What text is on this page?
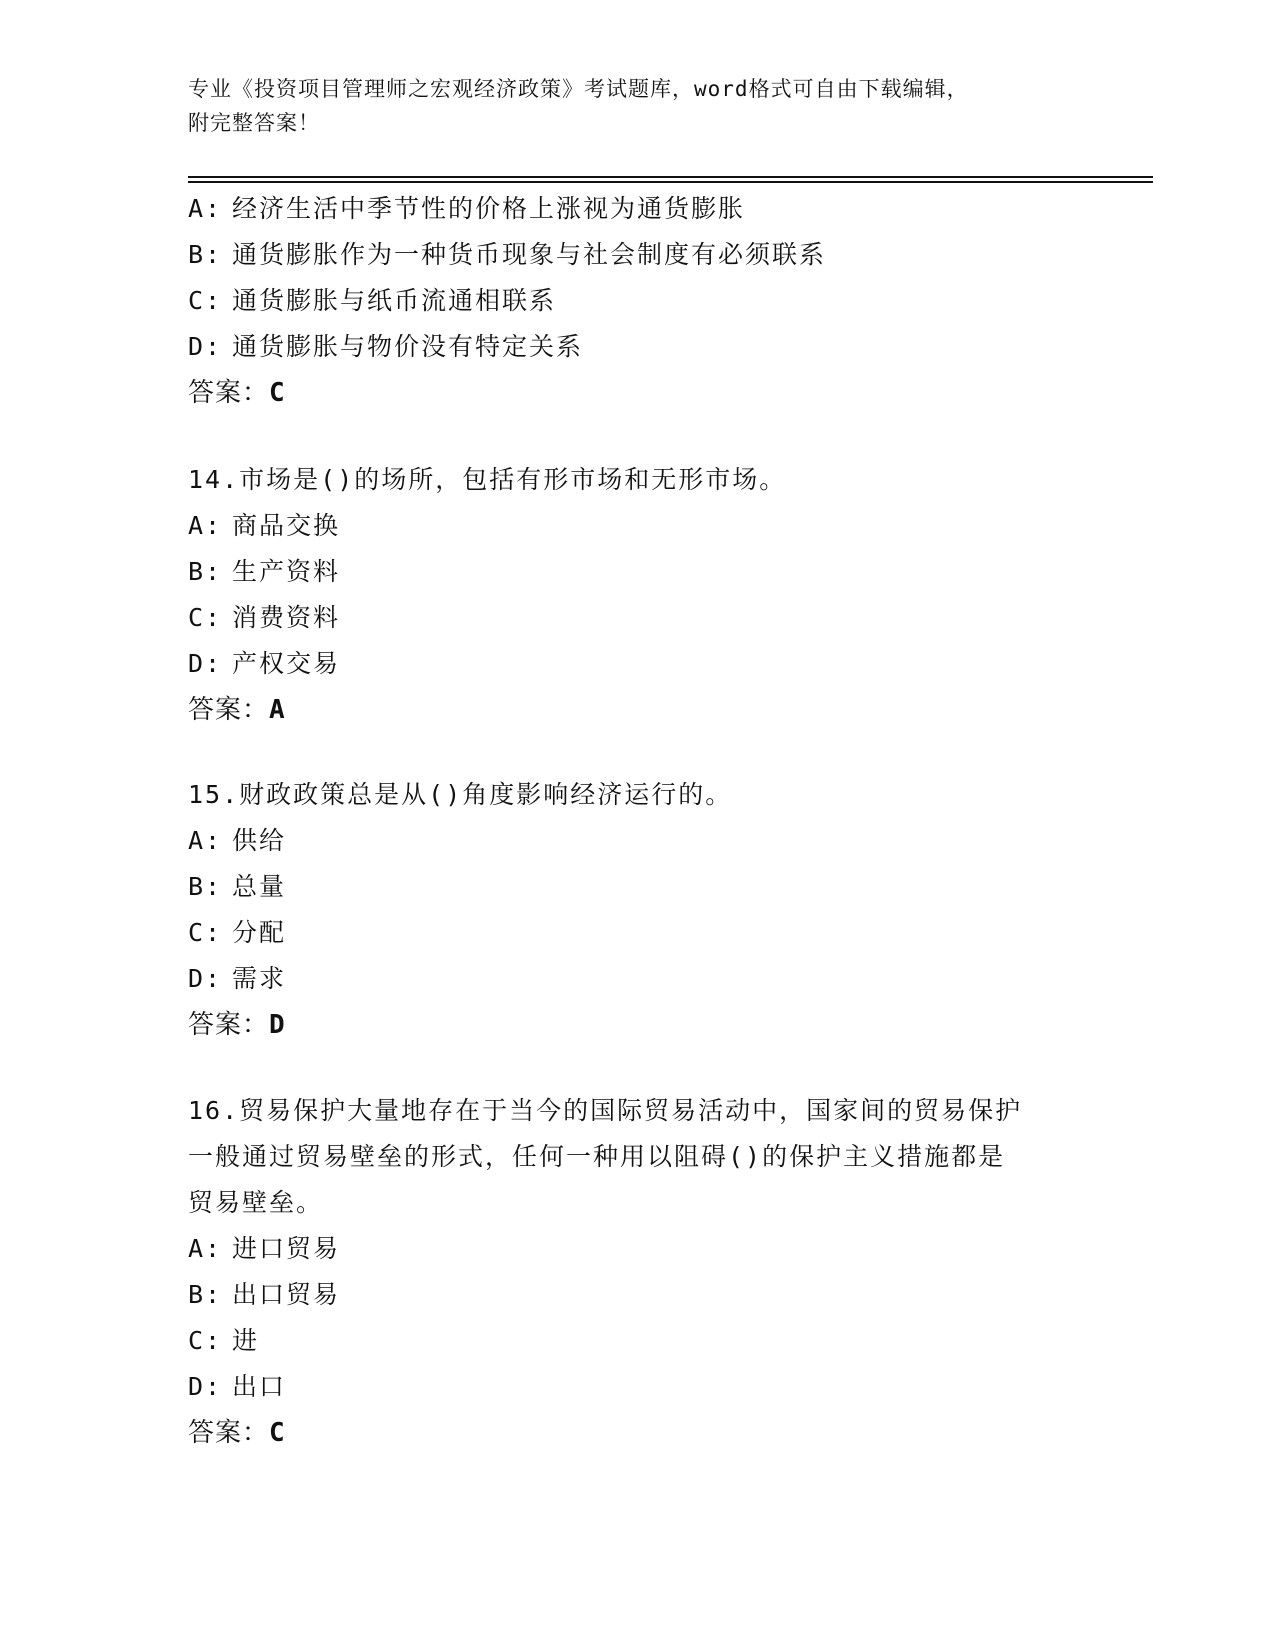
专业《投资项目管理师之宏观经济政策》考试题库，word格式可自由下载编辑，

附完整答案！

A: 经济生活中季节性的价格上涨视为通货膨胀
B: 通货膨胀作为一种货币现象与社会制度有必须联系
C: 通货膨胀与纸币流通相联系
D: 通货膨胀与物价没有特定关系
答案：C
14.市场是()的场所，包括有形市场和无形市场。
A: 商品交换
B: 生产资料
C: 消费资料
D: 产权交易
答案：A
15.财政政策总是从()角度影响经济运行的。
A: 供给
B: 总量
C: 分配
D: 需求
答案：D
16.贸易保护大量地存在于当今的国际贸易活动中，国家间的贸易保护
一般通过贸易壁垒的形式，任何一种用以阻碍()的保护主义措施都是
贸易壁垒。
A: 进口贸易
B: 出口贸易
C: 进
D: 出口
答案：C
